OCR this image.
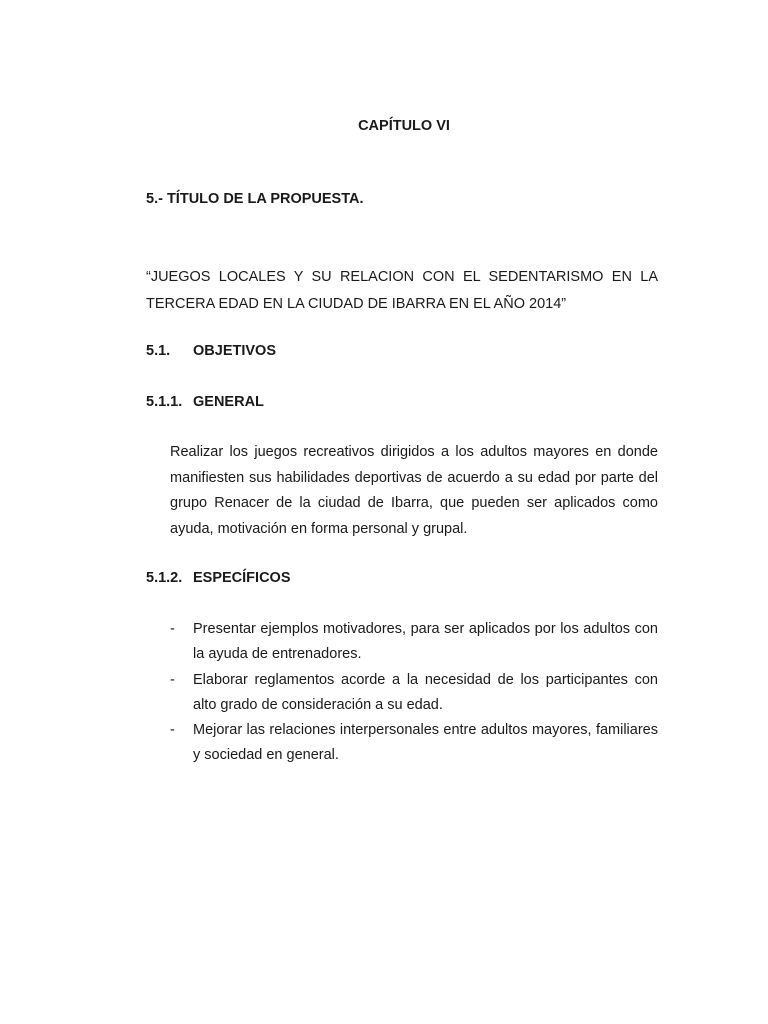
CAPÍTULO VI
5.- TÍTULO DE LA PROPUESTA.
“JUEGOS LOCALES Y SU RELACION CON EL SEDENTARISMO EN LA TERCERA EDAD EN LA CIUDAD DE IBARRA EN EL AÑO 2014”
5.1. OBJETIVOS
5.1.1. GENERAL
Realizar los juegos recreativos dirigidos a los adultos mayores en donde manifiesten sus habilidades deportivas de acuerdo a su edad por parte del grupo Renacer de la ciudad de Ibarra, que pueden ser aplicados como ayuda, motivación en forma personal y grupal.
5.1.2. ESPECÍFICOS
- Presentar ejemplos motivadores, para ser aplicados por los adultos con la ayuda de entrenadores.
- Elaborar reglamentos acorde a la necesidad de los participantes con alto grado de consideración a su edad.
- Mejorar las relaciones interpersonales entre adultos mayores, familiares y sociedad en general.
